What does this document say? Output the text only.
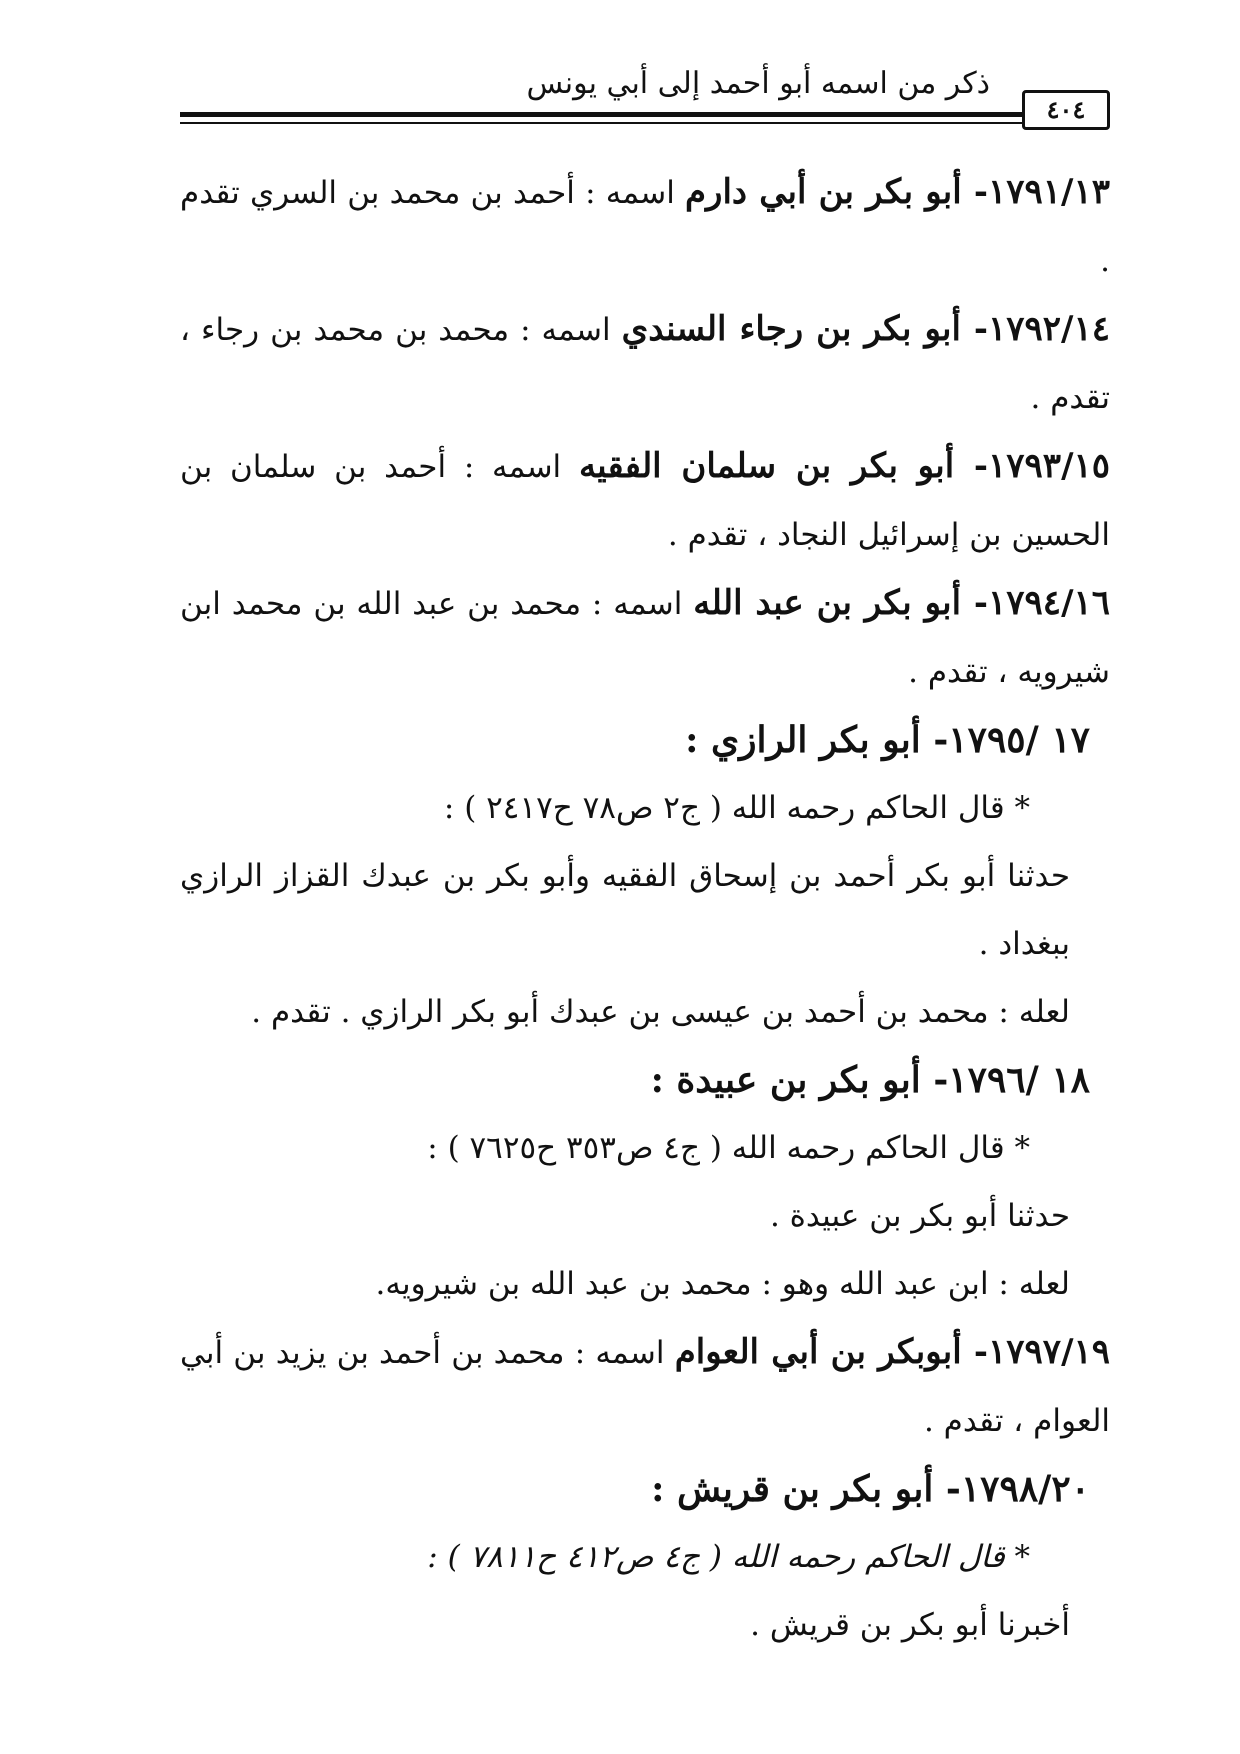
ذكر من اسمه أبو أحمد إلى أبي يونس
٤٠٤

١٧٩١/١٣- أبو بكر بن أبي دارم اسمه : أحمد بن محمد بن السري تقدم .

١٧٩٢/١٤- أبو بكر بن رجاء السندي اسمه : محمد بن محمد بن رجاء ، تقدم .

١٧٩٣/١٥- أبو بكر بن سلمان الفقيه اسمه : أحمد بن سلمان بن الحسين بن إسرائيل النجاد ، تقدم .

١٧٩٤/١٦- أبو بكر بن عبد الله اسمه : محمد بن عبد الله بن محمد ابن شيرويه ، تقدم .

١٧ /١٧٩٥- أبو بكر الرازي :

* قال الحاكم رحمه الله ( ج٢ ص٧٨ ح٢٤١٧ ) :

حدثنا أبو بكر أحمد بن إسحاق الفقيه وأبو بكر بن عبدك القزاز الرازي ببغداد .

لعله : محمد بن أحمد بن عيسى بن عبدك أبو بكر الرازي . تقدم .

١٨ /١٧٩٦- أبو بكر بن عبيدة :

* قال الحاكم رحمه الله ( ج٤ ص٣٥٣ ح٧٦٢٥ ) :

حدثنا أبو بكر بن عبيدة .

لعله : ابن عبد الله وهو : محمد بن عبد الله بن شيرويه.

١٧٩٧/١٩- أبوبكر بن أبي العوام اسمه : محمد بن أحمد بن يزيد بن أبي العوام ، تقدم .

١٧٩٨/٢٠- أبو بكر بن قريش :

* قال الحاكم رحمه الله ( ج٤ ص٤١٢ ح٧٨١١ ) :

أخبرنا أبو بكر بن قريش .
